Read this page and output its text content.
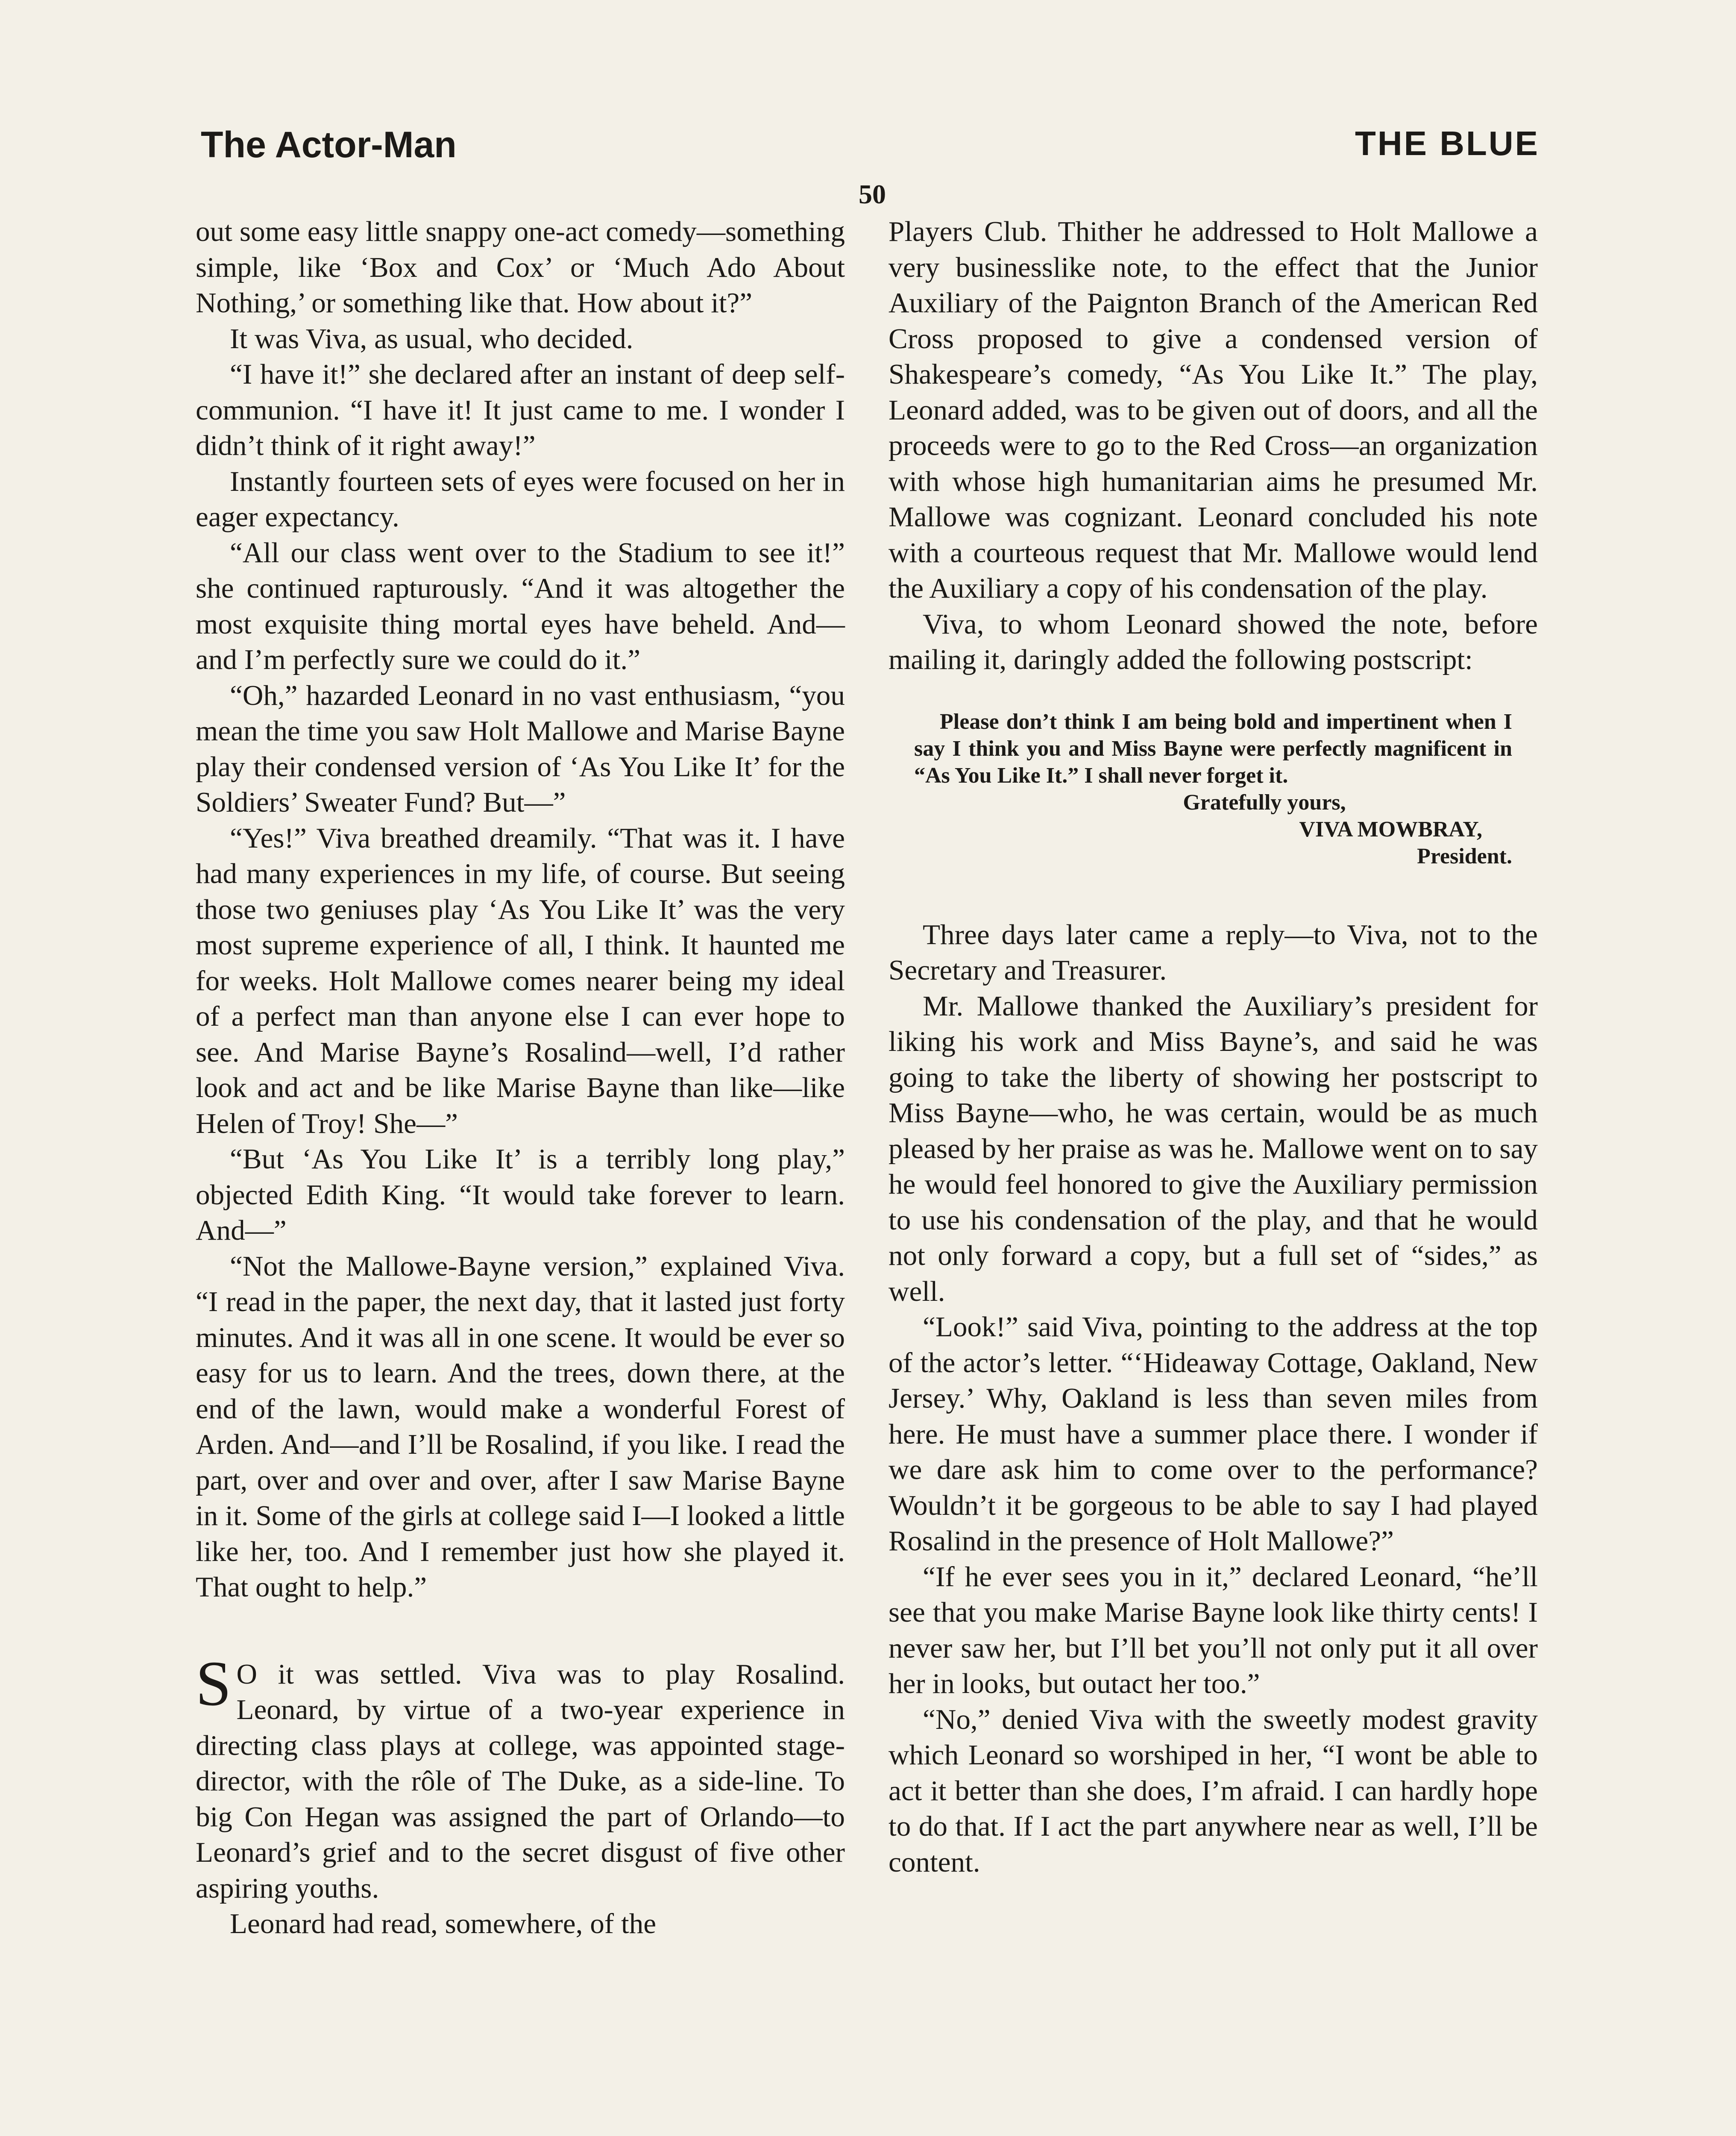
The Actor-Man	THE BLUE
50

out some easy little snappy one-act comedy—something simple, like ‘Box and Cox’ or ‘Much Ado About Nothing,’ or something like that. How about it?”

It was Viva, as usual, who decided.

“I have it!” she declared after an instant of deep self-communion. “I have it! It just came to me. I wonder I didn’t think of it right away!”

Instantly fourteen sets of eyes were focused on her in eager expectancy.

“All our class went over to the Stadium to see it!” she continued rapturously. “And it was altogether the most exquisite thing mortal eyes have beheld. And—and I’m perfectly sure we could do it.”

“Oh,” hazarded Leonard in no vast enthusiasm, “you mean the time you saw Holt Mallowe and Marise Bayne play their condensed version of ‘As You Like It’ for the Soldiers’ Sweater Fund? But—”

“Yes!” Viva breathed dreamily. “That was it. I have had many experiences in my life, of course. But seeing those two geniuses play ‘As You Like It’ was the very most supreme experience of all, I think. It haunted me for weeks. Holt Mallowe comes nearer being my ideal of a perfect man than anyone else I can ever hope to see. And Marise Bayne’s Rosalind—well, I’d rather look and act and be like Marise Bayne than like—like Helen of Troy! She—”

“But ‘As You Like It’ is a terribly long play,” objected Edith King. “It would take forever to learn. And—”

“Not the Mallowe-Bayne version,” explained Viva. “I read in the paper, the next day, that it lasted just forty minutes. And it was all in one scene. It would be ever so easy for us to learn. And the trees, down there, at the end of the lawn, would make a wonderful Forest of Arden. And—and I’ll be Rosalind, if you like. I read the part, over and over and over, after I saw Marise Bayne in it. Some of the girls at college said I—I looked a little like her, too. And I remember just how she played it. That ought to help.”

S O it was settled. Viva was to play Rosalind. Leonard, by virtue of a two-year experience in directing class plays at college, was appointed stage-director, with the rôle of The Duke, as a side-line. To big Con Hegan was assigned the part of Orlando—to Leonard’s grief and to the secret disgust of five other aspiring youths.

Leonard had read, somewhere, of the

Players Club. Thither he addressed to Holt Mallowe a very businesslike note, to the effect that the Junior Auxiliary of the Paignton Branch of the American Red Cross proposed to give a condensed version of Shakespeare’s comedy, “As You Like It.” The play, Leonard added, was to be given out of doors, and all the proceeds were to go to the Red Cross—an organization with whose high humanitarian aims he presumed Mr. Mallowe was cognizant. Leonard concluded his note with a courteous request that Mr. Mallowe would lend the Auxiliary a copy of his condensation of the play.

Viva, to whom Leonard showed the note, before mailing it, daringly added the following postscript:

Please don’t think I am being bold and impertinent when I say I think you and Miss Bayne were perfectly magnificent in “As You Like It.” I shall never forget it.

Gratefully yours,

VIVA MOWBRAY,

President.

Three days later came a reply—to Viva, not to the Secretary and Treasurer.

Mr. Mallowe thanked the Auxiliary’s president for liking his work and Miss Bayne’s, and said he was going to take the liberty of showing her postscript to Miss Bayne—who, he was certain, would be as much pleased by her praise as was he. Mallowe went on to say he would feel honored to give the Auxiliary permission to use his condensation of the play, and that he would not only forward a copy, but a full set of “sides,” as well.

“Look!” said Viva, pointing to the address at the top of the actor’s letter. “‘Hideaway Cottage, Oakland, New Jersey.’ Why, Oakland is less than seven miles from here. He must have a summer place there. I wonder if we dare ask him to come over to the performance? Wouldn’t it be gorgeous to be able to say I had played Rosalind in the presence of Holt Mallowe?”

“If he ever sees you in it,” declared Leonard, “he’ll see that you make Marise Bayne look like thirty cents! I never saw her, but I’ll bet you’ll not only put it all over her in looks, but outact her too.”

“No,” denied Viva with the sweetly modest gravity which Leonard so worshiped in her, “I wont be able to act it better than she does, I’m afraid. I can hardly hope to do that. If I act the part anywhere near as well, I’ll be content.
